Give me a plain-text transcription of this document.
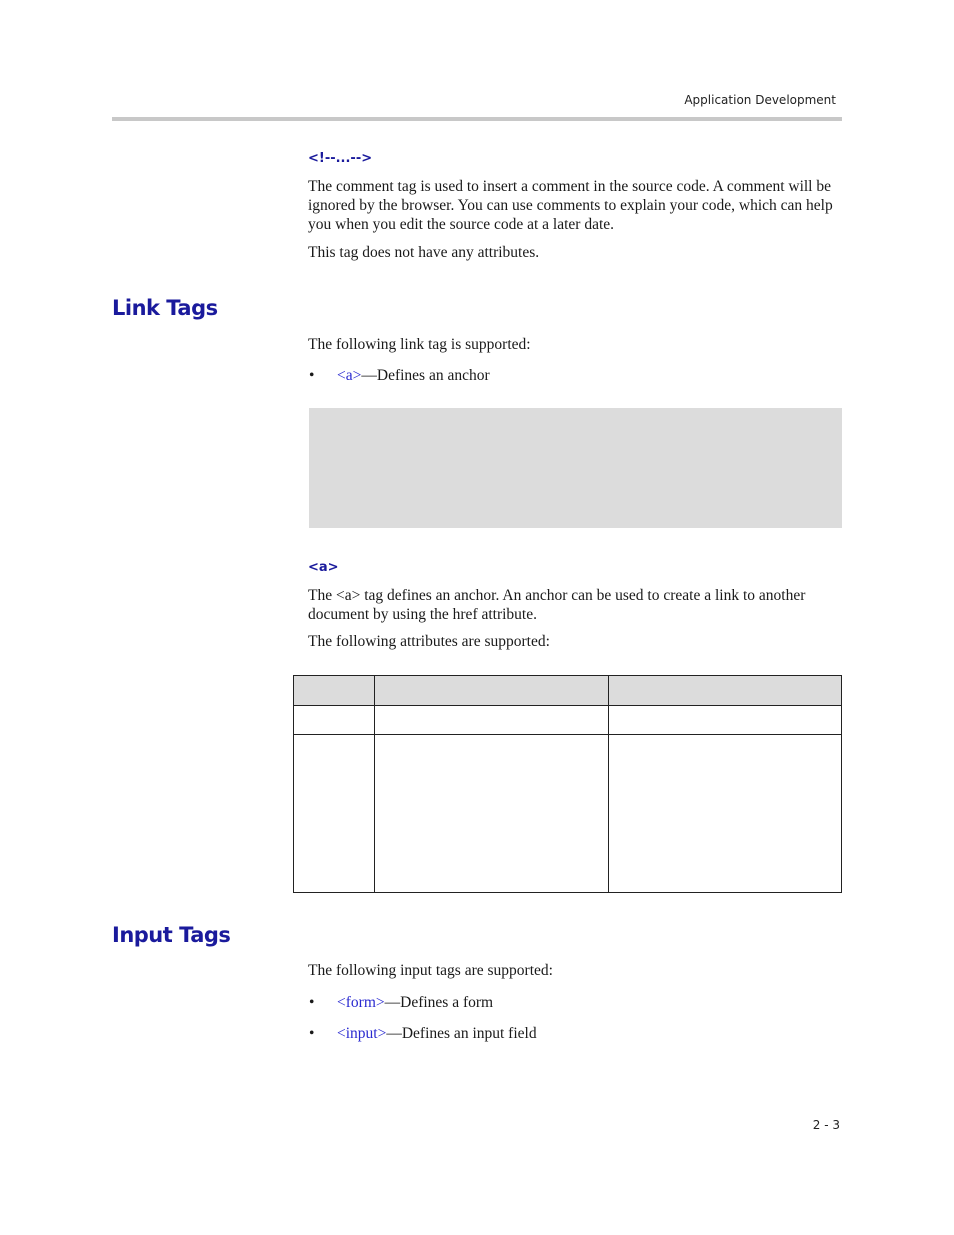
Application Development
<!--...-->
The comment tag is used to insert a comment in the source code. A comment will be ignored by the browser. You can use comments to explain your code, which can help you when you edit the source code at a later date.
This tag does not have any attributes.
Link Tags
The following link tag is supported:
• <a>—Defines an anchor
<a>
The <a> tag defines an anchor. An anchor can be used to create a link to another document by using the href attribute.
The following attributes are supported:

Input Tags
The following input tags are supported:
• <form>—Defines a form
• <input>—Defines an input field
2 - 3
